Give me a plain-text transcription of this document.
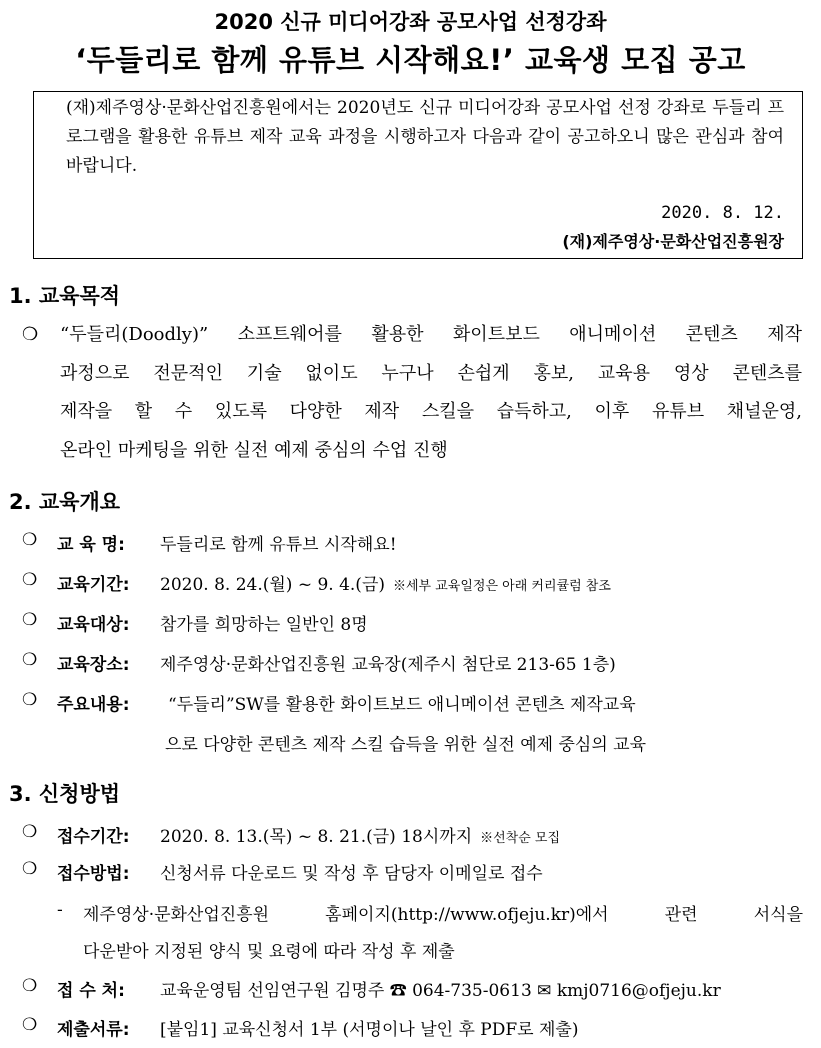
2020 신규 미디어강좌 공모사업 선정강좌
‘두들리로 함께 유튜브 시작해요!’ 교육생 모집 공고
(재)제주영상·문화산업진흥원에서는 2020년도 신규 미디어강좌 공모사업 선정 강좌로 두들리 프로그램을 활용한 유튜브 제작 교육 과정을 시행하고자 다음과 같이 공고하오니 많은 관심과 참여 바랍니다.
2020. 8. 12.
(재)제주영상·문화산업진흥원장
1. 교육목적
❍ “두들리(Doodly)” 소프트웨어를 활용한 화이트보드 애니메이션 콘텐츠 제작
과정으로 전문적인 기술 없이도 누구나 손쉽게 홍보, 교육용 영상 콘텐츠를
제작을 할 수 있도록 다양한 제작 스킬을 습득하고, 이후 유튜브 채널운영,
온라인 마케팅을 위한 실전 예제 중심의 수업 진행
2. 교육개요
❍ 교 육 명: 두들리로 함께 유튜브 시작해요!
❍ 교육기간: 2020. 8. 24.(월) ~ 9. 4.(금) ※세부 교육일정은 아래 커리큘럼 참조
❍ 교육대상: 참가를 희망하는 일반인 8명
❍ 교육장소: 제주영상·문화산업진흥원 교육장(제주시 첨단로 213-65 1층)
❍ 주요내용: “두들리”SW를 활용한 화이트보드 애니메이션 콘텐츠 제작교육
으로 다양한 콘텐츠 제작 스킬 습득을 위한 실전 예제 중심의 교육
3. 신청방법
❍ 접수기간: 2020. 8. 13.(목) ~ 8. 21.(금) 18시까지 ※선착순 모집
❍ 접수방법: 신청서류 다운로드 및 작성 후 담당자 이메일로 접수
- 제주영상·문화산업진흥원 홈페이지(http://www.ofjeju.kr)에서 관련 서식을
다운받아 지정된 양식 및 요령에 따라 작성 후 제출
❍ 접 수 처: 교육운영팀 선임연구원 김명주 ☎ 064-735-0613 ✉ kmj0716@ofjeju.kr
❍ 제출서류: [붙임1] 교육신청서 1부 (서명이나 날인 후 PDF로 제출)
